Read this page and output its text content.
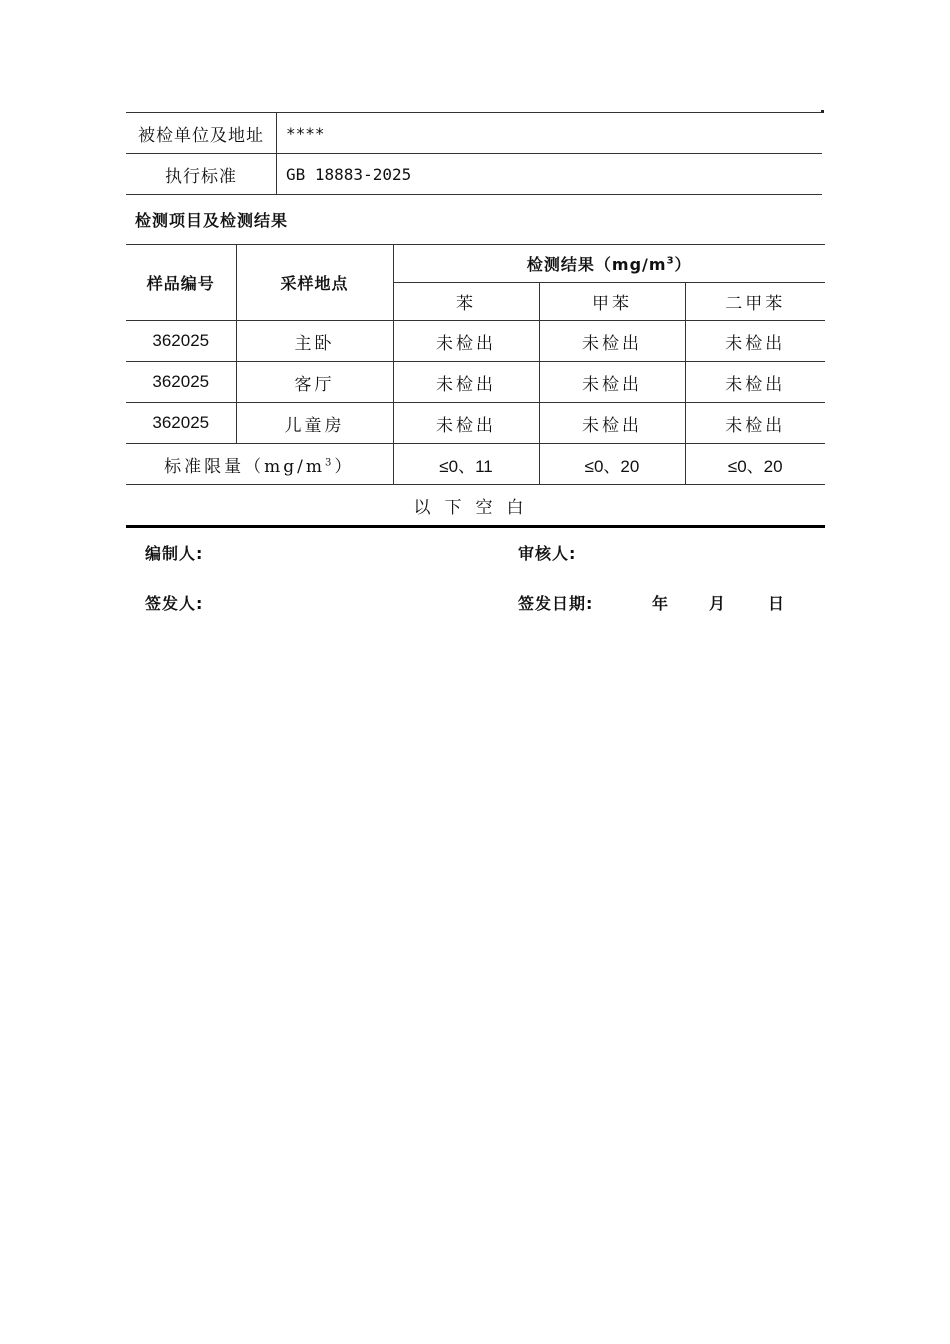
被检单位及地址	****
执行标准	GB 18883-2025
检测项目及检测结果
样品编号	采样地点	检测结果$(mg/m^3)$		
		苯	甲苯	二甲苯
362025	主卧	未检出	未检出	未检出
362025	客厅	未检出	未检出	未检出
362025	儿童房	未检出	未检出	未检出
标准限量$(mg/m^3)$		≤0、11	≤0、20	≤0、20
以下空白				
编制人:	审核人:
签发人:	签发日期:	年	月	日
